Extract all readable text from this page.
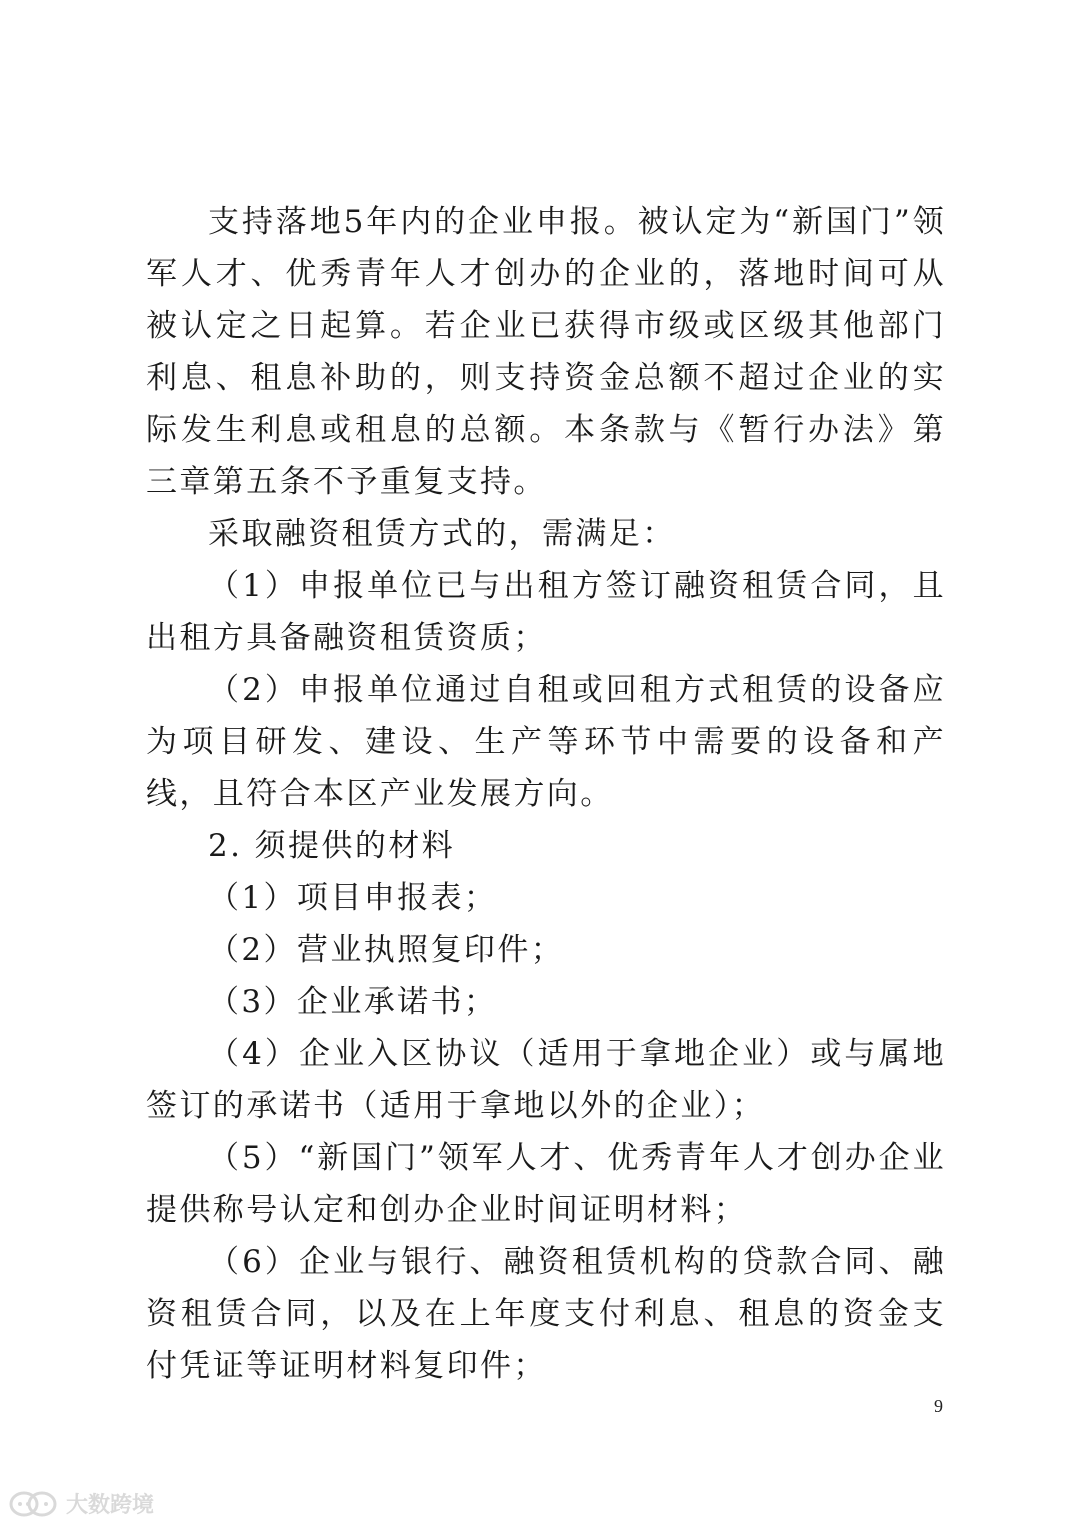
支持落地5年内的企业申报。被认定为“新国门”领军人才、优秀青年人才创办的企业的，落地时间可从被认定之日起算。若企业已获得市级或区级其他部门利息、租息补助的，则支持资金总额不超过企业的实际发生利息或租息的总额。本条款与《暂行办法》第三章第五条不予重复支持。

采取融资租赁方式的，需满足：

（1）申报单位已与出租方签订融资租赁合同，且出租方具备融资租赁资质；

（2）申报单位通过自租或回租方式租赁的设备应为项目研发、建设、生产等环节中需要的设备和产线，且符合本区产业发展方向。

2. 须提供的材料

（1）项目申报表；

（2）营业执照复印件；

（3）企业承诺书；

（4）企业入区协议（适用于拿地企业）或与属地签订的承诺书（适用于拿地以外的企业）；

（5）“新国门”领军人才、优秀青年人才创办企业提供称号认定和创办企业时间证明材料；

（6）企业与银行、融资租赁机构的贷款合同、融资租赁合同，以及在上年度支付利息、租息的资金支付凭证等证明材料复印件；

9
大数跨境
